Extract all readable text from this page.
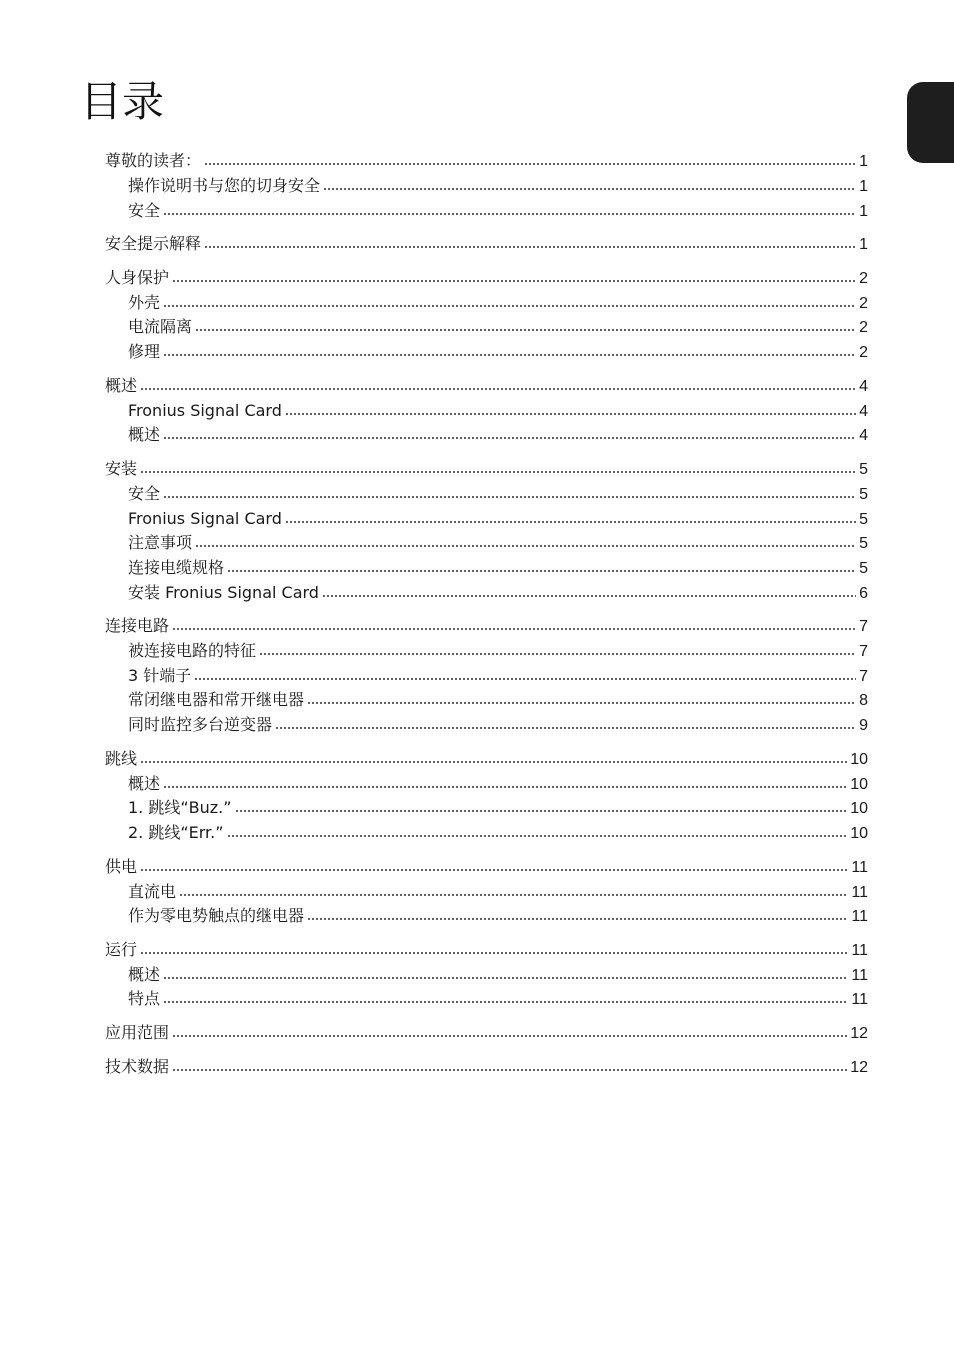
目录
尊敬的读者：	1
操作说明书与您的切身安全	1
安全	1
安全提示解释	1
人身保护	2
外壳	2
电流隔离	2
修理	2
概述	4
Fronius Signal Card	4
概述	4
安装	5
安全	5
Fronius Signal Card	5
注意事项	5
连接电缆规格	5
安装 Fronius Signal Card	6
连接电路	7
被连接电路的特征	7
3 针端子	7
常闭继电器和常开继电器	8
同时监控多台逆变器	9
跳线	10
概述	10
1. 跳线“Buz.”	10
2. 跳线“Err.”	10
供电	11
直流电	11
作为零电势触点的继电器	11
运行	11
概述	11
特点	11
应用范围	12
技术数据	12
